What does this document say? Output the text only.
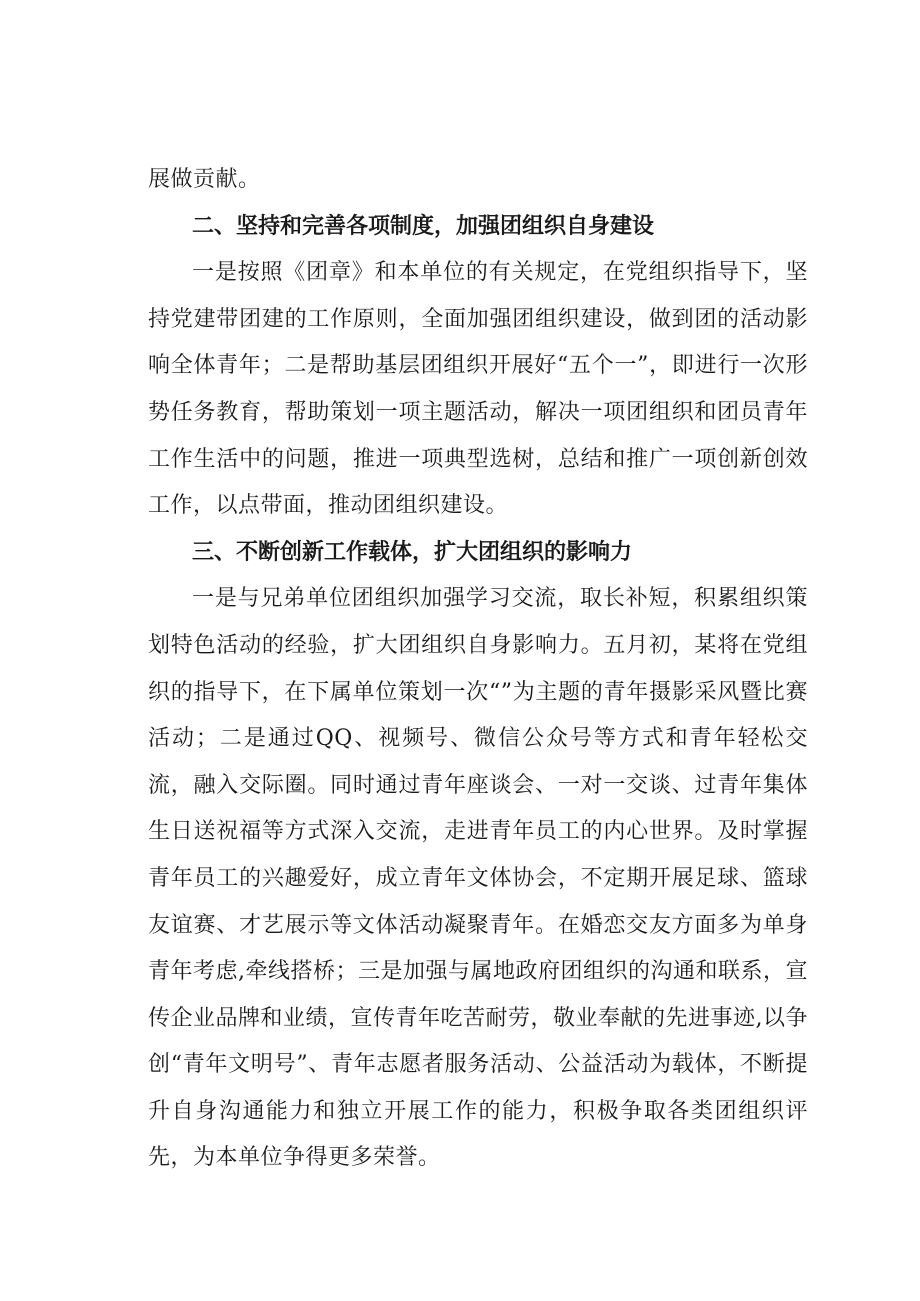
展做贡献。

二、坚持和完善各项制度，加强团组织自身建设

一是按照《团章》和本单位的有关规定，在党组织指导下，坚持党建带团建的工作原则，全面加强团组织建设，做到团的活动影响全体青年；二是帮助基层团组织开展好“五个一”，即进行一次形势任务教育，帮助策划一项主题活动，解决一项团组织和团员青年工作生活中的问题，推进一项典型选树，总结和推广一项创新创效工作，以点带面，推动团组织建设。

三、不断创新工作载体，扩大团组织的影响力

一是与兄弟单位团组织加强学习交流，取长补短，积累组织策划特色活动的经验，扩大团组织自身影响力。五月初，某将在党组织的指导下，在下属单位策划一次“”为主题的青年摄影采风暨比赛活动；二是通过QQ、视频号、微信公众号等方式和青年轻松交流，融入交际圈。同时通过青年座谈会、一对一交谈、过青年集体生日送祝福等方式深入交流，走进青年员工的内心世界。及时掌握青年员工的兴趣爱好，成立青年文体协会，不定期开展足球、篮球友谊赛、才艺展示等文体活动凝聚青年。在婚恋交友方面多为单身青年考虑,牵线搭桥；三是加强与属地政府团组织的沟通和联系，宣传企业品牌和业绩，宣传青年吃苦耐劳，敬业奉献的先进事迹,以争创“青年文明号”、青年志愿者服务活动、公益活动为载体，不断提升自身沟通能力和独立开展工作的能力，积极争取各类团组织评先，为本单位争得更多荣誉。
